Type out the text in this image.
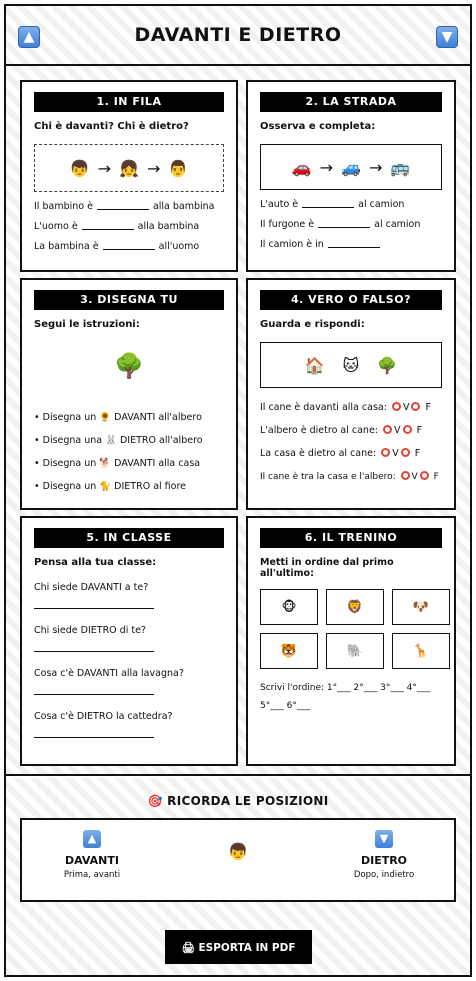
▲	DAVANTI E DIETRO	▼
1. IN FILA
Chi è davanti? Chi è dietro?
👦 → 👧 → 👨
Il bambino è	alla bambina
L'uomo è	alla bambina
La bambina è	all'uomo
2. LA STRADA
Osserva e completa:
🚗 → 🚙 → 🚌
L'auto è	al camion
Il furgone è	al camion
Il camion è in
3. DISEGNA TU
Segui le istruzioni:
🌳
• Disegna un 🌻 DAVANTI all'albero
• Disegna una 🐰 DIETRO all'albero
• Disegna un 🐕 DAVANTI alla casa
• Disegna un 🐈 DIETRO al fiore
4. VERO O FALSO?
Guarda e rispondi:
🏠 🐱 🌳
Il cane è davanti alla casa: V F
L'albero è dietro al cane: V F
La casa è dietro al cane: V F
Il cane è tra la casa e l'albero: V F
5. IN CLASSE
Pensa alla tua classe:
Chi siede DAVANTI a te?
Chi siede DIETRO di te?
Cosa c'è DAVANTI alla lavagna?
Cosa c'è DIETRO la cattedra?
6. IL TRENINO
Metti in ordine dal primo all'ultimo:
🐵	🦁	🐶
🐯	🐘	🦒
Scrivi l'ordine: 1°___ 2°___ 3°___ 4°___
5°___ 6°___
🎯 RICORDA LE POSIZIONI
▲
DAVANTI
Prima, avanti
👦
▼
DIETRO
Dopo, indietro
🖨 ESPORTA IN PDF
